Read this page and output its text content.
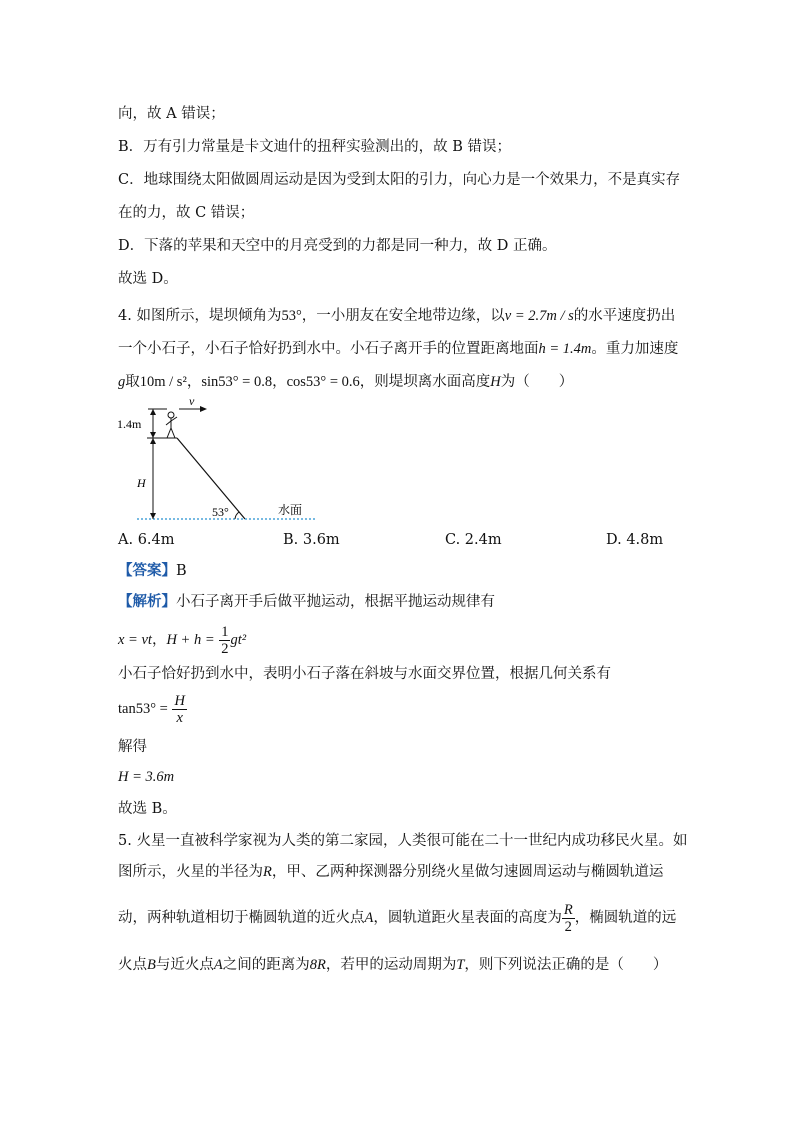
向，故 A 错误；
B．万有引力常量是卡文迪什的扭秤实验测出的，故 B 错误；
C．地球围绕太阳做圆周运动是因为受到太阳的引力，向心力是一个效果力，不是真实存
在的力，故 C 错误；
D．下落的苹果和天空中的月亮受到的力都是同一种力，故 D 正确。
故选 D。
4. 如图所示，堤坝倾角为53°，一小朋友在安全地带边缘，以v = 2.7m / s的水平速度扔出
一个小石子，小石子恰好扔到水中。小石子离开手的位置距离地面h = 1.4m。重力加速度
g取10m / s²，sin53° = 0.8，cos53° = 0.6，则堤坝离水面高度H为（　　）
v
1.4m
H
53°	水面
A. 6.4m	B. 3.6m	C. 2.4m	D. 4.8m
【答案】B
【解析】小石子离开手后做平抛运动，根据平抛运动规律有
x = vt，$H + h = \frac{1}{2} gt^2$
小石子恰好扔到水中，表明小石子落在斜坡与水面交界位置，根据几何关系有
$\tan 53^\circ = \frac{H}{x}$
解得
H = 3.6m
故选 B。
5. 火星一直被科学家视为人类的第二家园，人类很可能在二十一世纪内成功移民火星。如
图所示，火星的半径为R，甲、乙两种探测器分别绕火星做匀速圆周运动与椭圆轨道运
动，两种轨道相切于椭圆轨道的近火点A，圆轨道距火星表面的高度为 $\frac{R}{2}$ ，椭圆轨道的远
火点B与近火点A之间的距离为8R，若甲的运动周期为T，则下列说法正确的是（　　）
